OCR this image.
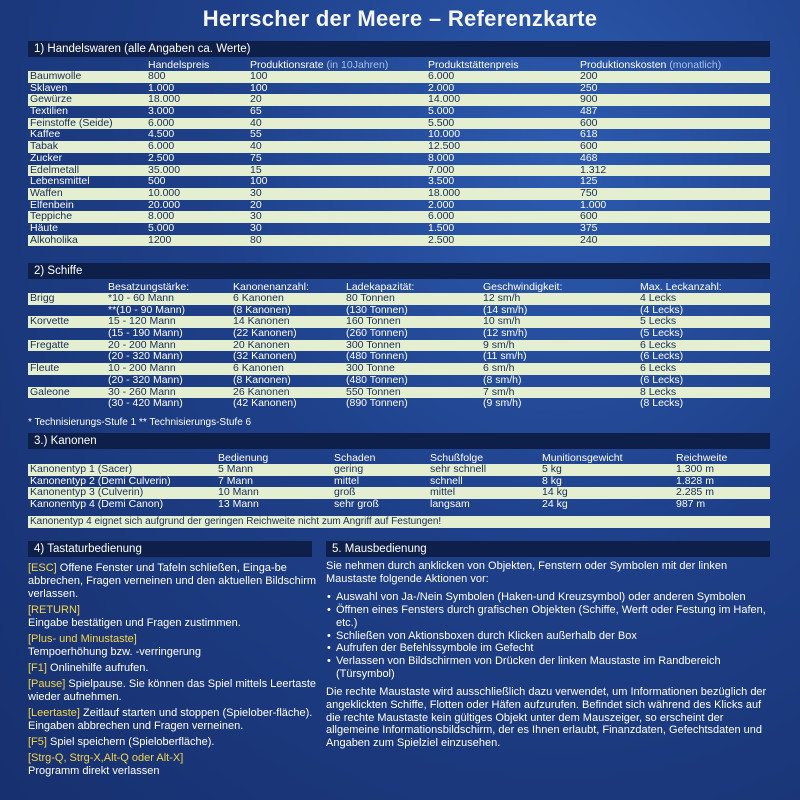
Herrscher der Meere – Referenzkarte
1) Handelswaren (alle Angaben ca. Werte)
Handelspreis	Produktionsrate (in 10Jahren)	Produktstättenpreis	Produktionskosten (monatlich)
Baumwolle	800	100	6.000	200
Sklaven	1.000	100	2.000	250
Gewürze	18.000	20	14.000	900
Textilien	3.000	65	5.000	487
Feinstoffe (Seide)	6.000	40	5.500	600
Kaffee	4.500	55	10.000	618
Tabak	6.000	40	12.500	600
Zucker	2.500	75	8.000	468
Edelmetall	35.000	15	7.000	1.312
Lebensmittel	500	100	3.500	125
Waffen	10.000	30	18.000	750
Elfenbein	20.000	20	2.000	1.000
Teppiche	8.000	30	6.000	600
Häute	5.000	30	1.500	375
Alkoholika	1200	80	2.500	240
2) Schiffe
Besatzungstärke:	Kanonenanzahl:	Ladekapazität:	Geschwindigkeit:	Max. Leckanzahl:
Brigg	*10 - 60 Mann	6 Kanonen	80 Tonnen	12 sm/h	4 Lecks
**(10 - 90 Mann)	(8 Kanonen)	(130 Tonnen)	(14 sm/h)	(4 Lecks)
Korvette	15 - 120 Mann	14 Kanonen	160 Tonnen	10 sm/h	5 Lecks
(15 - 190 Mann)	(22 Kanonen)	(260 Tonnen)	(12 sm/h)	(5 Lecks)
Fregatte	20 - 200 Mann	20 Kanonen	300 Tonnen	9 sm/h	6 Lecks
(20 - 320 Mann)	(32 Kanonen)	(480 Tonnen)	(11 sm/h)	(6 Lecks)
Fleute	10 - 200 Mann	6 Kanonen	300 Tonne	6 sm/h	6 Lecks
(20 - 320 Mann)	(8 Kanonen)	(480 Tonnen)	(8 sm/h)	(6 Lecks)
Galeone	30 - 260 Mann	26 Kanonen	550 Tonnen	7 sm/h	8 Lecks
(30 - 420 Mann)	(42 Kanonen)	(890 Tonnen)	(9 sm/h)	(8 Lecks)
* Technisierungs-Stufe 1 ** Technisierungs-Stufe 6
3.) Kanonen
Bedienung	Schaden	Schußfolge	Munitionsgewicht	Reichweite
Kanonentyp 1 (Sacer)	5 Mann	gering	sehr schnell	5 kg	1.300 m
Kanonentyp 2 (Demi Culverin)	7 Mann	mittel	schnell	8 kg	1.828 m
Kanonentyp 3 (Culverin)	10 Mann	groß	mittel	14 kg	2.285 m
Kanonentyp 4 (Demi Canon)	13 Mann	sehr groß	langsam	24 kg	987 m
Kanonentyp 4 eignet sich aufgrund der geringen Reichweite nicht zum Angriff auf Festungen!
4) Tastaturbedienung
[ESC] Offene Fenster und Tafeln schließen, Einga-be abbrechen, Fragen verneinen und den aktuellen Bildschirm verlassen.
[RETURN]
Eingabe bestätigen und Fragen zustimmen.
[Plus- und Minustaste]
Tempoerhöhung bzw. -verringerung
[F1] Onlinehilfe aufrufen.
[Pause] Spielpause. Sie können das Spiel mittels Leertaste wieder aufnehmen.
[Leertaste] Zeitlauf starten und stoppen (Spielober-fläche). Eingaben abbrechen und Fragen verneinen.
[F5] Spiel speichern (Spieloberfläche).
[Strg-Q, Strg-X,Alt-Q oder Alt-X]
Programm direkt verlassen
5. Mausbedienung

Sie nehmen durch anklicken von Objekten, Fenstern oder Symbolen mit der linken Maustaste folgende Aktionen vor:

• Auswahl von Ja-/Nein Symbolen (Haken-und Kreuzsymbol) oder anderen Symbolen
• Öffnen eines Fensters durch grafischen Objekten (Schiffe, Werft oder Festung im Hafen, etc.)
• Schließen von Aktionsboxen durch Klicken außerhalb der Box
• Aufrufen der Befehlssymbole im Gefecht
• Verlassen von Bildschirmen von Drücken der linken Maustaste im Randbereich (Türsymbol)

Die rechte Maustaste wird ausschließlich dazu verwendet, um Informationen bezüglich der angeklickten Schiffe, Flotten oder Häfen aufzurufen. Befindet sich während des Klicks auf die rechte Maustaste kein gültiges Objekt unter dem Mauszeiger, so erscheint der allgemeine Informationsbildschirm, der es Ihnen erlaubt, Finanzdaten, Gefechtsdaten und Angaben zum Spielziel einzusehen.
